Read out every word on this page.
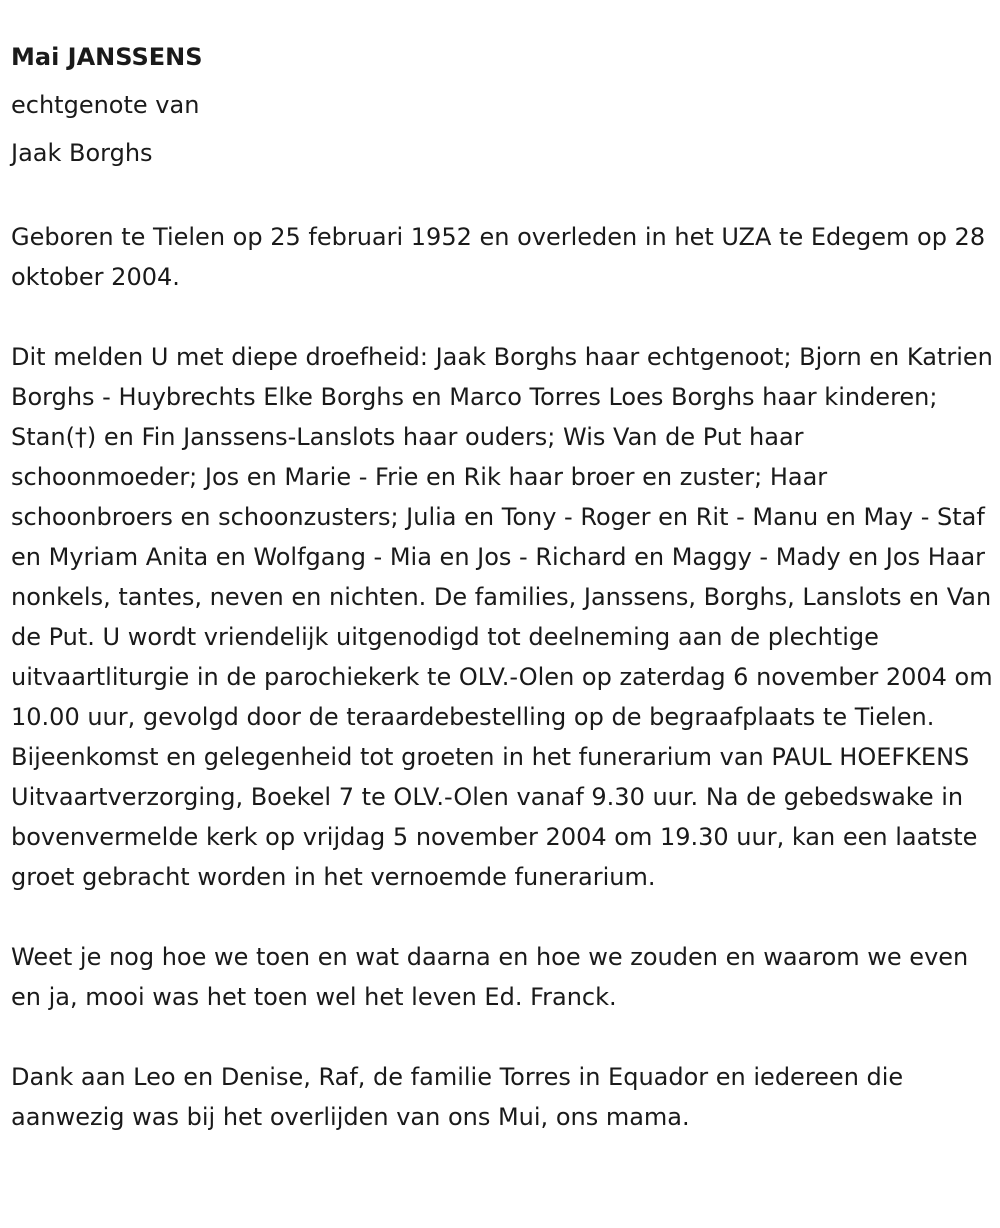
Mai JANSSENS

echtgenote van

Jaak Borghs

Geboren te Tielen op 25 februari 1952 en overleden in het UZA te Edegem op 28 oktober 2004.

Dit melden U met diepe droefheid: Jaak Borghs haar echtgenoot; Bjorn en Katrien Borghs - Huybrechts Elke Borghs en Marco Torres Loes Borghs haar kinderen; Stan(†) en Fin Janssens-Lanslots haar ouders; Wis Van de Put haar schoonmoeder; Jos en Marie - Frie en Rik haar broer en zuster; Haar schoonbroers en schoonzusters; Julia en Tony - Roger en Rit - Manu en May - Staf en Myriam Anita en Wolfgang - Mia en Jos - Richard en Maggy - Mady en Jos Haar nonkels, tantes, neven en nichten. De families, Janssens, Borghs, Lanslots en Van de Put. U wordt vriendelijk uitgenodigd tot deelneming aan de plechtige uitvaartliturgie in de parochiekerk te OLV.-Olen op zaterdag 6 november 2004 om 10.00 uur, gevolgd door de teraardebestelling op de begraafplaats te Tielen. Bijeenkomst en gelegenheid tot groeten in het funerarium van PAUL HOEFKENS Uitvaartverzorging, Boekel 7 te OLV.-Olen vanaf 9.30 uur. Na de gebedswake in bovenvermelde kerk op vrijdag 5 november 2004 om 19.30 uur, kan een laatste groet gebracht worden in het vernoemde funerarium.

Weet je nog hoe we toen en wat daarna en hoe we zouden en waarom we even en ja, mooi was het toen wel het leven Ed. Franck.

Dank aan Leo en Denise, Raf, de familie Torres in Equador en iedereen die aanwezig was bij het overlijden van ons Mui, ons mama.
